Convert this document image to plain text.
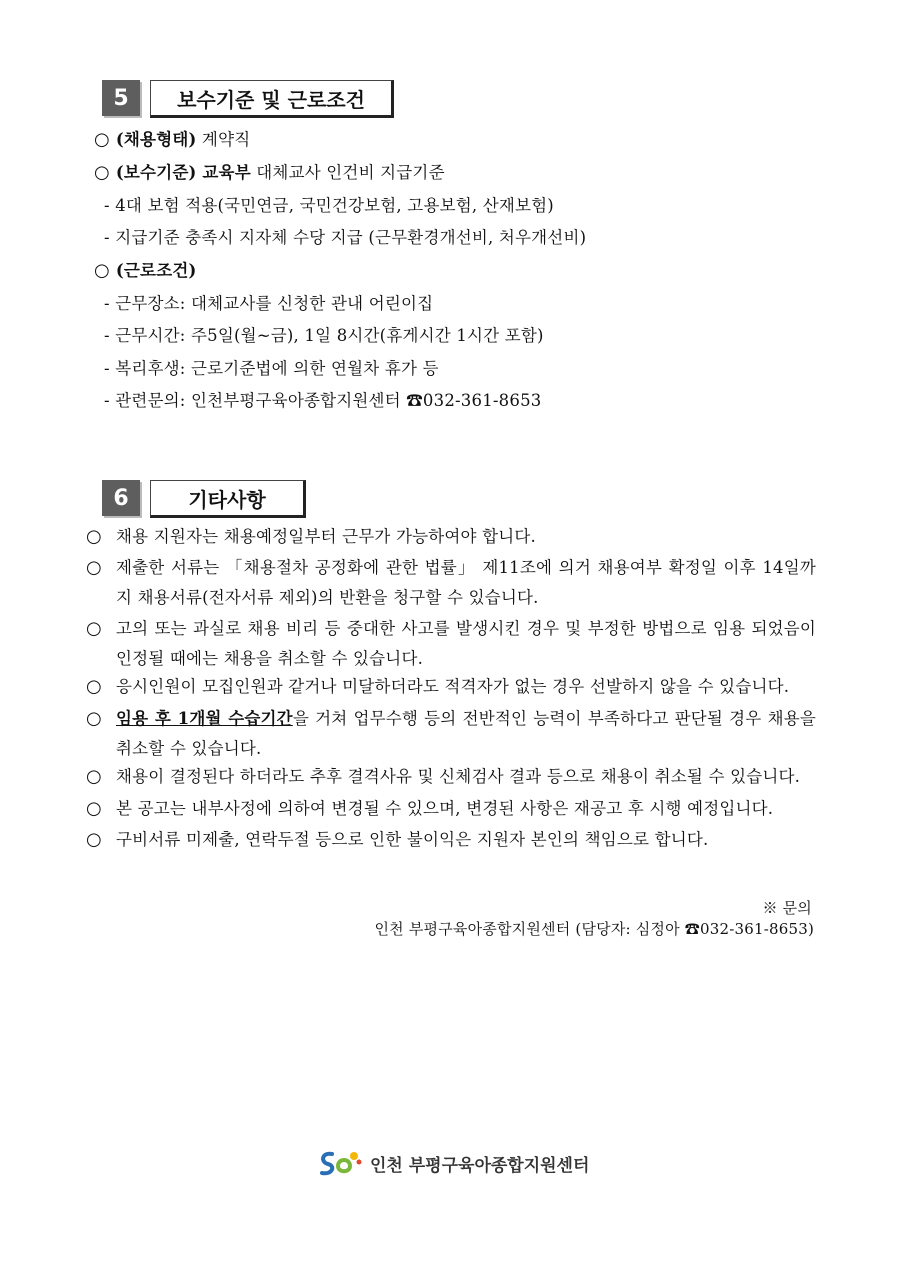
5	보수기준 및 근로조건
○ (채용형태) 계약직
○ (보수기준) 교육부 대체교사 인건비 지급기준
- 4대 보험 적용(국민연금, 국민건강보험, 고용보험, 산재보험)
- 지급기준 충족시 지자체 수당 지급 (근무환경개선비, 처우개선비)
○ (근로조건)
- 근무장소: 대체교사를 신청한 관내 어린이집
- 근무시간: 주5일(월~금), 1일 8시간(휴게시간 1시간 포함)
- 복리후생: 근로기준법에 의한 연월차 휴가 등
- 관련문의: 인천부평구육아종합지원센터 ☎032-361-8653
6	기타사항
○ 채용 지원자는 채용예정일부터 근무가 가능하여야 합니다.
○ 제출한 서류는 「채용절차 공정화에 관한 법률」 제11조에 의거 채용여부 확정일 이후 14일까지 채용서류(전자서류 제외)의 반환을 청구할 수 있습니다.
○ 고의 또는 과실로 채용 비리 등 중대한 사고를 발생시킨 경우 및 부정한 방법으로 임용 되었음이 인정될 때에는 채용을 취소할 수 있습니다.
○ 응시인원이 모집인원과 같거나 미달하더라도 적격자가 없는 경우 선발하지 않을 수 있습니다.
○ 임용 후 1개월 수습기간을 거쳐 업무수행 등의 전반적인 능력이 부족하다고 판단될 경우 채용을 취소할 수 있습니다.
○ 채용이 결정된다 하더라도 추후 결격사유 및 신체검사 결과 등으로 채용이 취소될 수 있습니다.
○ 본 공고는 내부사정에 의하여 변경될 수 있으며, 변경된 사항은 재공고 후 시행 예정입니다.
○ 구비서류 미제출, 연락두절 등으로 인한 불이익은 지원자 본인의 책임으로 합니다.
※ 문의
인천 부평구육아종합지원센터 (담당자: 심정아 ☎032-361-8653)
인천 부평구육아종합지원센터
